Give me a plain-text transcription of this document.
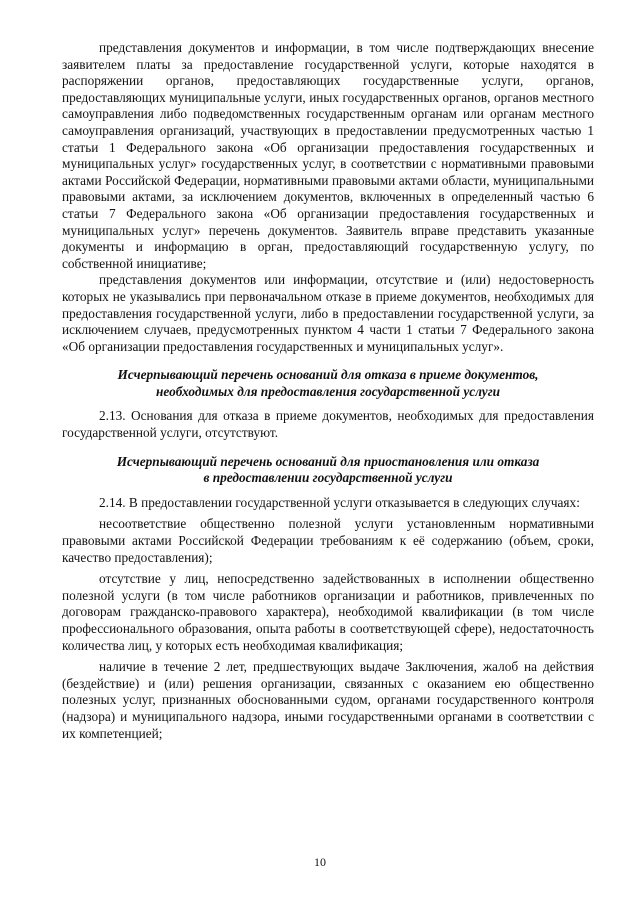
представления документов и информации, в том числе подтверждающих внесение заявителем платы за предоставление государственной услуги, которые находятся в распоряжении органов, предоставляющих государственные услуги, органов, предоставляющих муниципальные услуги, иных государственных органов, органов местного самоуправления либо подведомственных государственным органам или органам местного самоуправления организаций, участвующих в предоставлении предусмотренных частью 1 статьи 1 Федерального закона «Об организации предоставления государственных и муниципальных услуг» государственных услуг, в соответствии с нормативными правовыми актами Российской Федерации, нормативными правовыми актами области, муниципальными правовыми актами, за исключением документов, включенных в определенный частью 6 статьи 7 Федерального закона «Об организации предоставления государственных и муниципальных услуг» перечень документов. Заявитель вправе представить указанные документы и информацию в орган, предоставляющий государственную услугу, по собственной инициативе;

представления документов или информации, отсутствие и (или) недостоверность которых не указывались при первоначальном отказе в приеме документов, необходимых для предоставления государственной услуги, либо в предоставлении государственной услуги, за исключением случаев, предусмотренных пунктом 4 части 1 статьи 7 Федерального закона «Об организации предоставления государственных и муниципальных услуг».

Исчерпывающий перечень оснований для отказа в приеме документов,
необходимых для предоставления государственной услуги

2.13. Основания для отказа в приеме документов, необходимых для предоставления государственной услуги, отсутствуют.

Исчерпывающий перечень оснований для приостановления или отказа
в предоставлении государственной услуги

2.14. В предоставлении государственной услуги отказывается в следующих случаях:

несоответствие общественно полезной услуги установленным нормативными правовыми актами Российской Федерации требованиям к её содержанию (объем, сроки, качество предоставления);

отсутствие у лиц, непосредственно задействованных в исполнении общественно полезной услуги (в том числе работников организации и работников, привлеченных по договорам гражданско-правового характера), необходимой квалификации (в том числе профессионального образования, опыта работы в соответствующей сфере), недостаточность количества лиц, у которых есть необходимая квалификация;

наличие в течение 2 лет, предшествующих выдаче Заключения, жалоб на действия (бездействие) и (или) решения организации, связанных с оказанием ею общественно полезных услуг, признанных обоснованными судом, органами государственного контроля (надзора) и муниципального надзора, иными государственными органами в соответствии с их компетенцией;

10
